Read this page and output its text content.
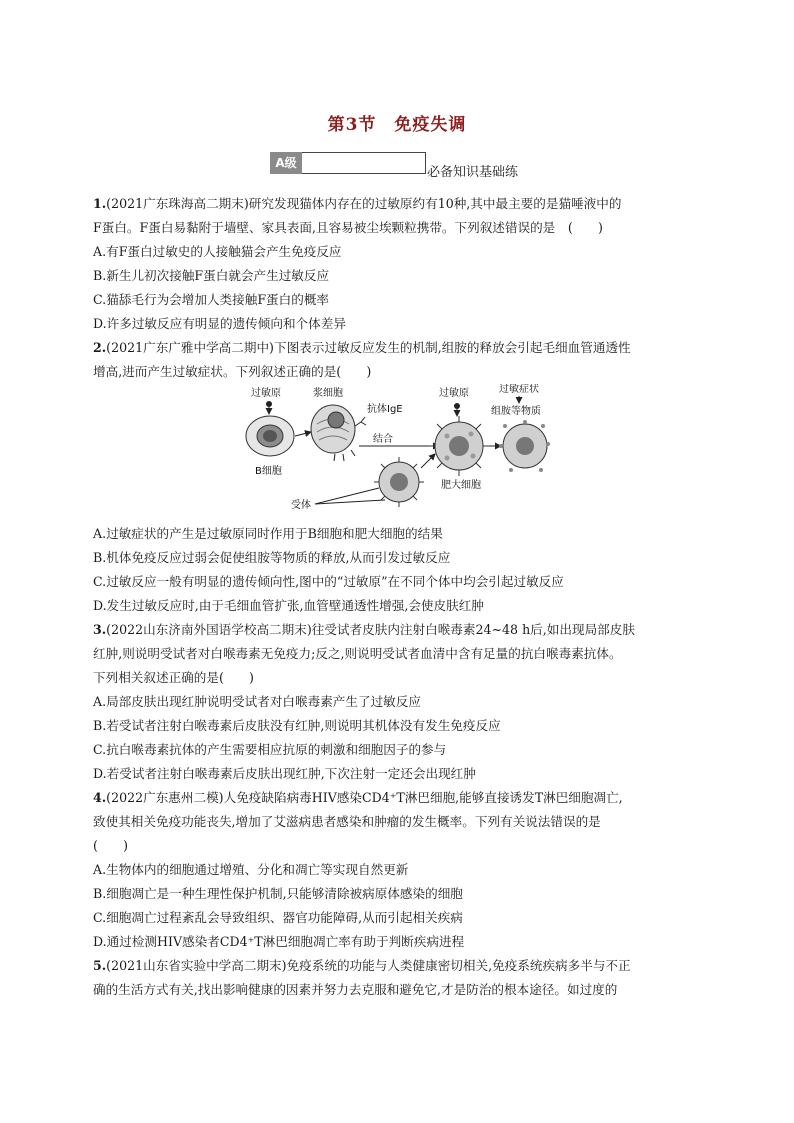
第3节　免疫失调
A级
必备知识基础练
1.(2021广东珠海高二期末)研究发现猫体内存在的过敏原约有10种,其中最主要的是猫唾液中的
F蛋白。F蛋白易黏附于墙壁、家具表面,且容易被尘埃颗粒携带。下列叙述错误的是　(　　)
A.有F蛋白过敏史的人接触猫会产生免疫反应
B.新生儿初次接触F蛋白就会产生过敏反应
C.猫舔毛行为会增加人类接触F蛋白的概率
D.许多过敏反应有明显的遗传倾向和个体差异
2.(2021广东广雅中学高二期中)下图表示过敏反应发生的机制,组胺的释放会引起毛细血管通透性
增高,进而产生过敏症状。下列叙述正确的是(　　)
过敏原
B细胞
浆细胞
抗体IgE
结合
受体
过敏原
肥大细胞
过敏症状
组胺等物质
A.过敏症状的产生是过敏原同时作用于B细胞和肥大细胞的结果
B.机体免疫反应过弱会促使组胺等物质的释放,从而引发过敏反应
C.过敏反应一般有明显的遗传倾向性,图中的“过敏原”在不同个体中均会引起过敏反应
D.发生过敏反应时,由于毛细血管扩张,血管壁通透性增强,会使皮肤红肿
3.(2022山东济南外国语学校高二期末)往受试者皮肤内注射白喉毒素24~48 h后,如出现局部皮肤
红肿,则说明受试者对白喉毒素无免疫力;反之,则说明受试者血清中含有足量的抗白喉毒素抗体。
下列相关叙述正确的是(　　)
A.局部皮肤出现红肿说明受试者对白喉毒素产生了过敏反应
B.若受试者注射白喉毒素后皮肤没有红肿,则说明其机体没有发生免疫反应
C.抗白喉毒素抗体的产生需要相应抗原的刺激和细胞因子的参与
D.若受试者注射白喉毒素后皮肤出现红肿,下次注射一定还会出现红肿
4.(2022广东惠州二模)人免疫缺陷病毒HIV感染CD4⁺T淋巴细胞,能够直接诱发T淋巴细胞凋亡,
致使其相关免疫功能丧失,增加了艾滋病患者感染和肿瘤的发生概率。下列有关说法错误的是
(　　)
A.生物体内的细胞通过增殖、分化和凋亡等实现自然更新
B.细胞凋亡是一种生理性保护机制,只能够清除被病原体感染的细胞
C.细胞凋亡过程紊乱会导致组织、器官功能障碍,从而引起相关疾病
D.通过检测HIV感染者CD4⁺T淋巴细胞凋亡率有助于判断疾病进程
5.(2021山东省实验中学高二期末)免疫系统的功能与人类健康密切相关,免疫系统疾病多半与不正
确的生活方式有关,找出影响健康的因素并努力去克服和避免它,才是防治的根本途径。如过度的
